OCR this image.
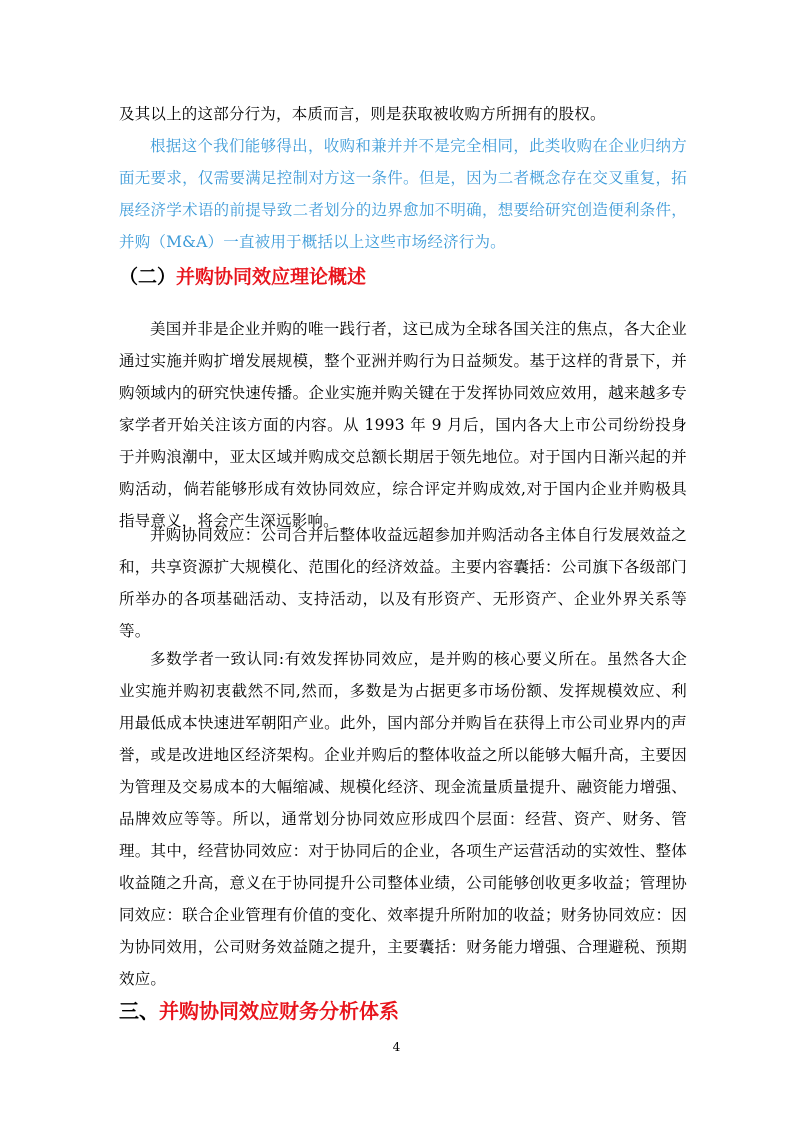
及其以上的这部分行为，本质而言，则是获取被收购方所拥有的股权。
根据这个我们能够得出，收购和兼并并不是完全相同，此类收购在企业归纳方面无要求，仅需要满足控制对方这一条件。但是，因为二者概念存在交叉重复，拓展经济学术语的前提导致二者划分的边界愈加不明确，想要给研究创造便利条件，并购（M&A）一直被用于概括以上这些市场经济行为。
（二）并购协同效应理论概述
美国并非是企业并购的唯一践行者，这已成为全球各国关注的焦点，各大企业通过实施并购扩增发展规模，整个亚洲并购行为日益频发。基于这样的背景下，并购领域内的研究快速传播。企业实施并购关键在于发挥协同效应效用，越来越多专家学者开始关注该方面的内容。从 1993 年 9 月后，国内各大上市公司纷纷投身于并购浪潮中，亚太区域并购成交总额长期居于领先地位。对于国内日渐兴起的并购活动，倘若能够形成有效协同效应，综合评定并购成效,对于国内企业并购极具指导意义，将会产生深远影响。
并购协同效应：公司合并后整体收益远超参加并购活动各主体自行发展效益之和，共享资源扩大规模化、范围化的经济效益。主要内容囊括：公司旗下各级部门所举办的各项基础活动、支持活动，以及有形资产、无形资产、企业外界关系等等。
多数学者一致认同:有效发挥协同效应，是并购的核心要义所在。虽然各大企业实施并购初衷截然不同,然而，多数是为占据更多市场份额、发挥规模效应、利用最低成本快速进军朝阳产业。此外，国内部分并购旨在获得上市公司业界内的声誉，或是改进地区经济架构。企业并购后的整体收益之所以能够大幅升高，主要因为管理及交易成本的大幅缩减、规模化经济、现金流量质量提升、融资能力增强、品牌效应等等。所以，通常划分协同效应形成四个层面：经营、资产、财务、管理。其中，经营协同效应：对于协同后的企业，各项生产运营活动的实效性、整体收益随之升高，意义在于协同提升公司整体业绩，公司能够创收更多收益；管理协同效应：联合企业管理有价值的变化、效率提升所附加的收益；财务协同效应：因为协同效用，公司财务效益随之提升，主要囊括：财务能力增强、合理避税、预期效应。
三、并购协同效应财务分析体系
4
